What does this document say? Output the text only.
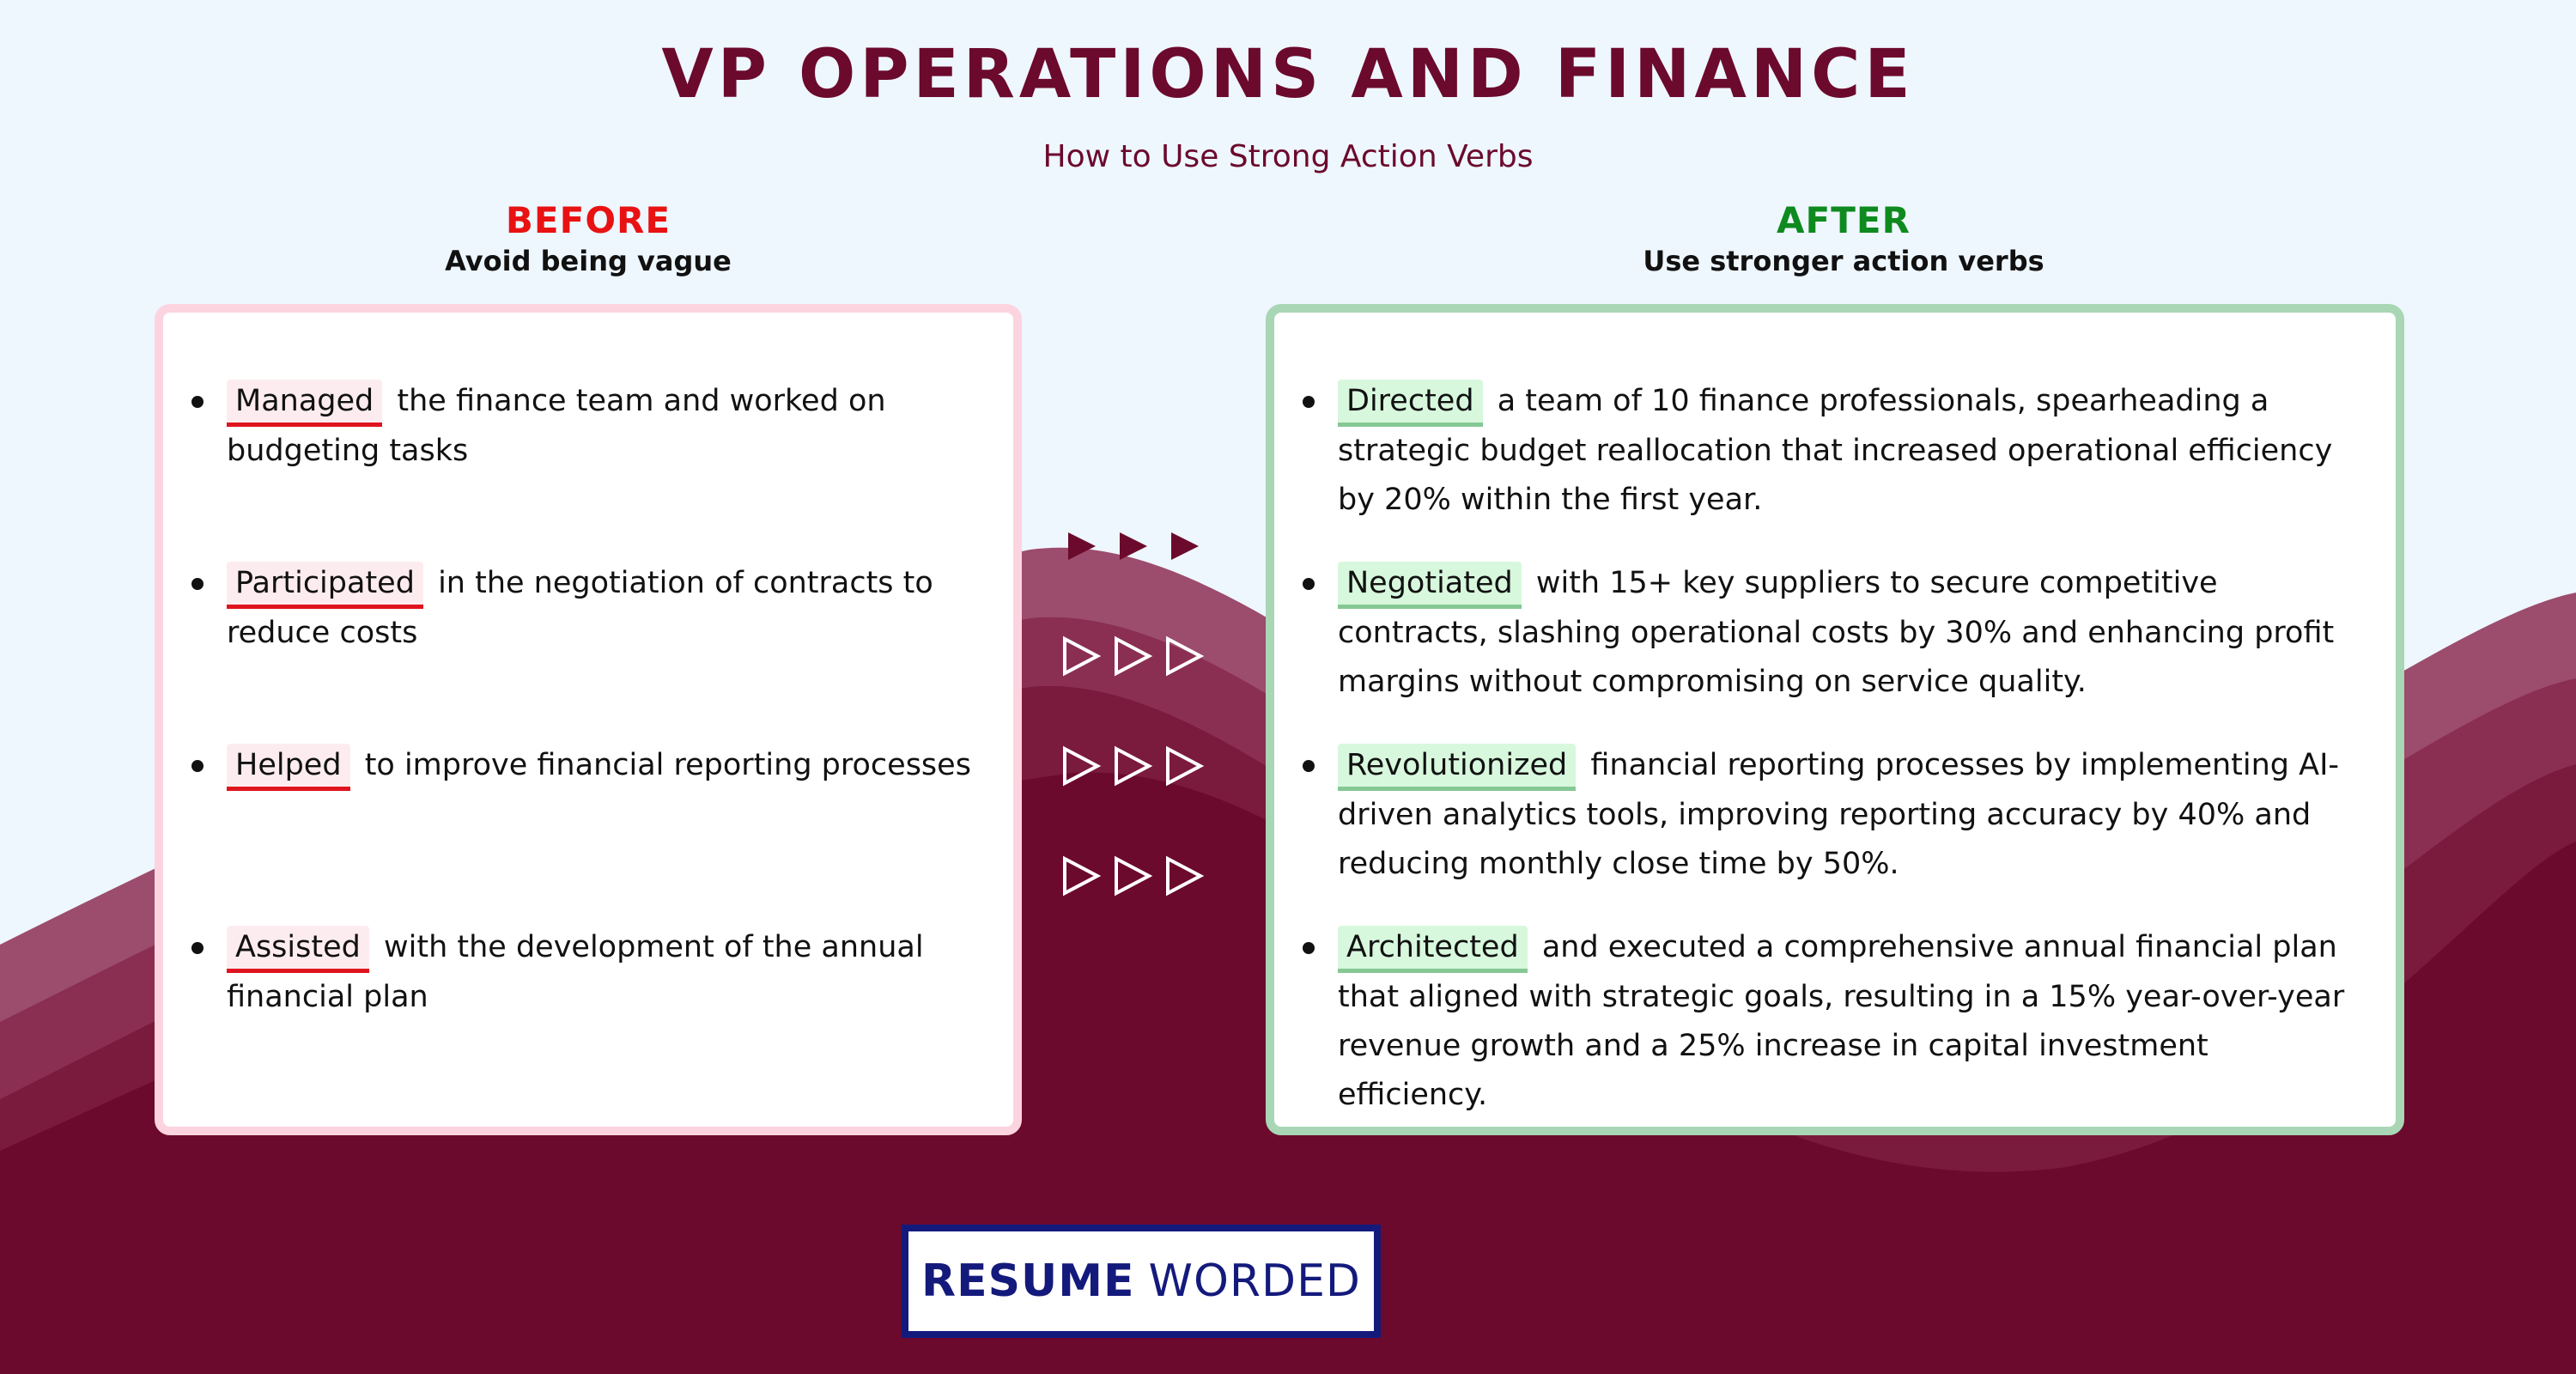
VP OPERATIONS AND FINANCE
How to Use Strong Action Verbs
BEFORE
Avoid being vague
AFTER
Use stronger action verbs
Managed the finance team and worked on budgeting tasks
Participated in the negotiation of contracts to reduce costs
Helped to improve financial reporting processes
Assisted with the development of the annual financial plan
Directed a team of 10 finance professionals, spearheading a strategic budget reallocation that increased operational efficiency by 20% within the first year.
Negotiated with 15+ key suppliers to secure competitive contracts, slashing operational costs by 30% and enhancing profit margins without compromising on service quality.
Revolutionized financial reporting processes by implementing AI-driven analytics tools, improving reporting accuracy by 40% and reducing monthly close time by 50%.
Architected and executed a comprehensive annual financial plan that aligned with strategic goals, resulting in a 15% year-over-year revenue growth and a 25% increase in capital investment efficiency.
RESUME WORDED
